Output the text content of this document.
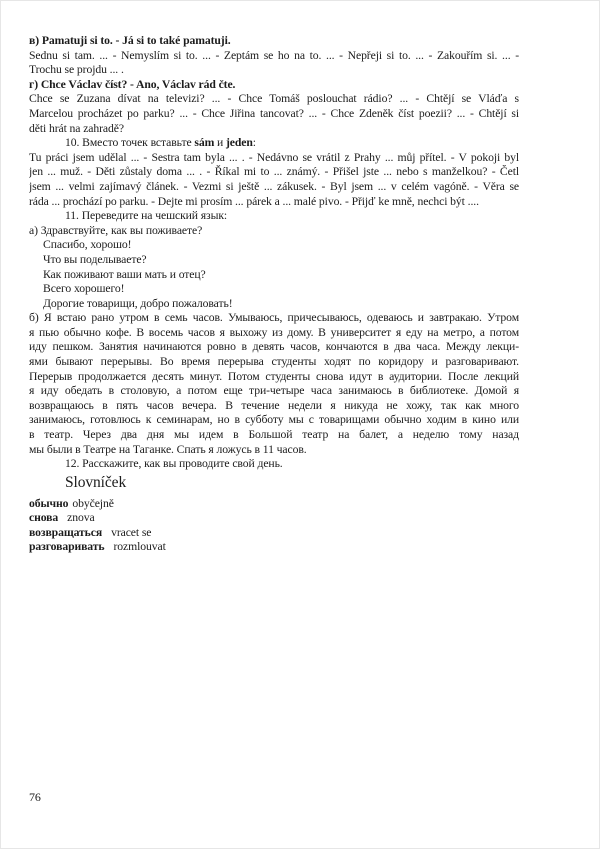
в) Pamatuji si to. - Já si to také pamatuji.
Sednu si tam. ... - Nemyslím si to. ... - Zeptám se ho na to. ... - Nepřeji si to. ... - Zakouřím si. ... -
Trochu se projdu ... .
г) Chce Václav číst? - Ano, Václav rád čte.
Chce se Zuzana dívat na televizi? ... - Chce Tomáš poslouchat rádio? ... - Chtějí se Vláďa s
Marcelou procházet po parku? ... - Chce Jiřina tancovat? ... - Chce Zdeněk číst poezii? ... - Chtějí si
děti hrát na zahradě?
10. Вместо точек вставьте sám и jeden:
Tu práci jsem udělal ... - Sestra tam byla ... . - Nedávno se vrátil z Prahy ... můj přítel. - V pokoji byl
jen ... muž. - Děti zůstaly doma ... . - Říkal mi to ... známý. - Přišel jste ... nebo s manželkou? - Četl
jsem ... velmi zajímavý článek. - Vezmi si ještě ... zákusek. - Byl jsem ... v celém vagóně. - Věra se
ráda ... prochází po parku. - Dejte mi prosím ... párek a ... malé pivo. - Přijď ke mně, nechci být ....
11. Переведите на чешский язык:
а) Здравствуйте, как вы поживаете?
Спасибо, хорошо!
Что вы поделываете?
Как поживают ваши мать и отец?
Всего хорошего!
Дорогие товарищи, добро пожаловать!
б) Я встаю рано утром в семь часов. Умываюсь, причесываюсь, одеваюсь и завтракаю. Утром
я пью обычно кофе. В восемь часов я выхожу из дому. В университет я еду на метро, а потом
иду пешком. Занятия начинаются ровно в девять часов, кончаются в два часа. Между лекци-
ями бывают перерывы. Во время перерыва студенты ходят по коридору и разговаривают.
Перерыв продолжается десять минут. Потом студенты снова идут в аудитории. После лекций
я иду обедать в столовую, а потом еще три-четыре часа занимаюсь в библиотеке. Домой я
возвращаюсь в пять часов вечера. В течение недели я никуда не хожу, так как много
занимаюсь, готовлюсь к семинарам, но в субботу мы с товарищами обычно ходим в кино или
в театр. Через два дня мы идем в Большой театр на балет, а неделю тому назад
мы были в Театре на Таганке. Спать я ложусь в 11 часов.
12. Расскажите, как вы проводите свой день.
Slovníček
обычно obyčejně
снова znova
возвращаться vracet se
разговаривать rozmlouvat
76
